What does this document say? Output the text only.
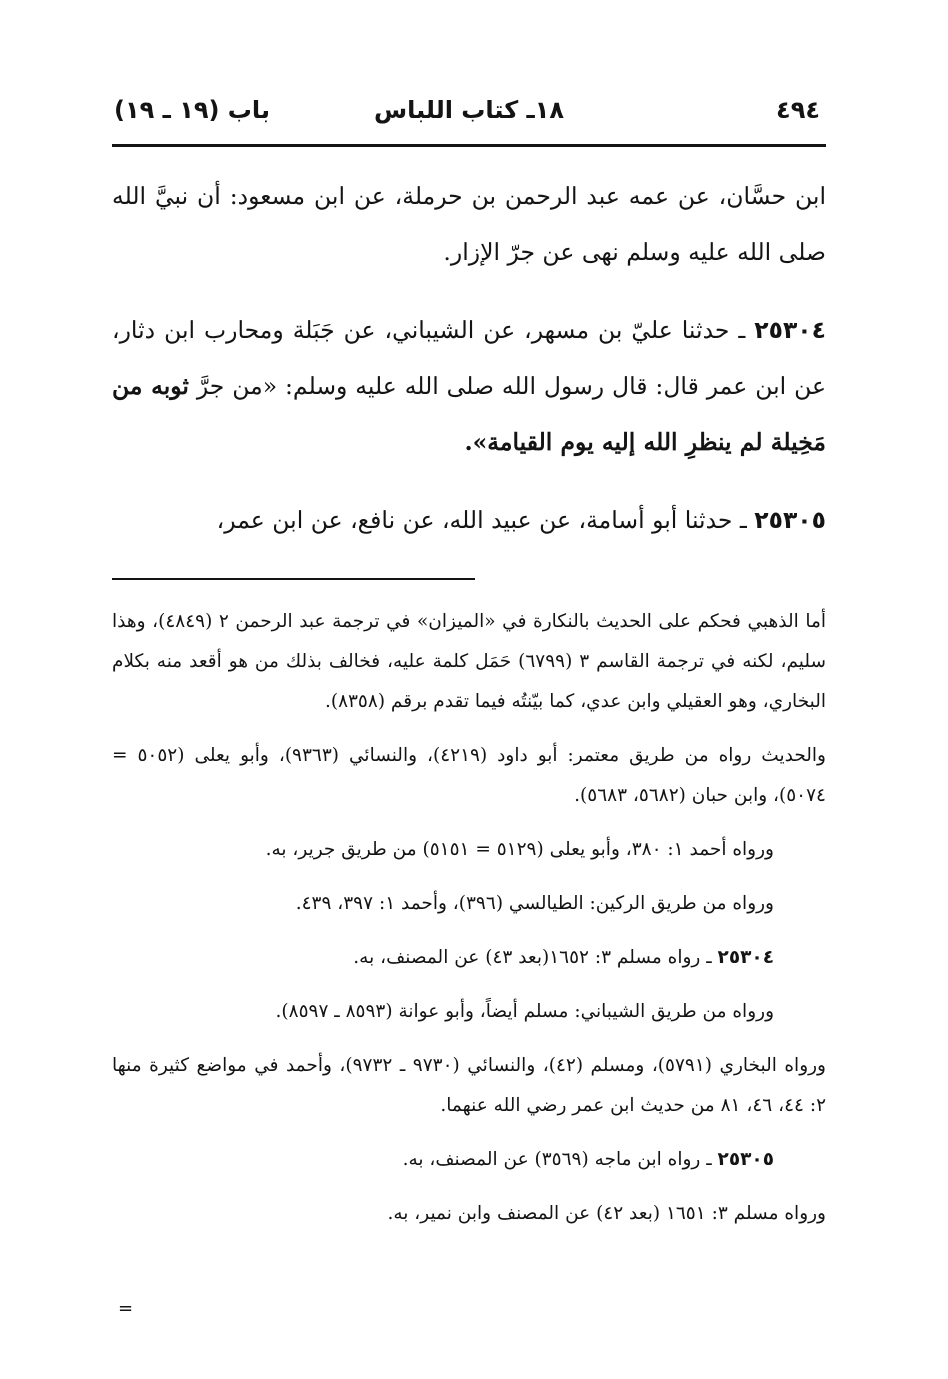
٤٩٤
١٨ـ كتاب اللباس
باب (١٩ ـ ١٩)

ابن حسَّان، عن عمه عبد الرحمن بن حرملة، عن ابن مسعود: أن نبيَّ الله صلى الله عليه وسلم نهى عن جرّ الإزار.

٢٥٣٠٤ ـ حدثنا عليّ بن مسهر، عن الشيباني، عن جَبَلة ومحارب ابن دثار، عن ابن عمر قال: قال رسول الله صلى الله عليه وسلم: «من جرَّ ثوبه من مَخِيلة لم ينظرِ الله إليه يوم القيامة».

٢٥٣٠٥ ـ حدثنا أبو أسامة، عن عبيد الله، عن نافع، عن ابن عمر،

أما الذهبي فحكم على الحديث بالنكارة في «الميزان» في ترجمة عبد الرحمن ٢ (٤٨٤٩)، وهذا سليم، لكنه في ترجمة القاسم ٣ (٦٧٩٩) حَمَل كلمة عليه، فخالف بذلك من هو أقعد منه بكلام البخاري، وهو العقيلي وابن عدي، كما بيّنتُه فيما تقدم برقم (٨٣٥٨).

والحديث رواه من طريق معتمر: أبو داود (٤٢١٩)، والنسائي (٩٣٦٣)، وأبو يعلى (٥٠٥٢ = ٥٠٧٤)، وابن حبان (٥٦٨٢، ٥٦٨٣).

ورواه أحمد ١: ٣٨٠، وأبو يعلى (٥١٢٩ = ٥١٥١) من طريق جرير، به.

ورواه من طريق الركين: الطيالسي (٣٩٦)، وأحمد ١: ٣٩٧، ٤٣٩.

٢٥٣٠٤ ـ رواه مسلم ٣: ١٦٥٢(بعد ٤٣) عن المصنف، به.

ورواه من طريق الشيباني: مسلم أيضاً، وأبو عوانة (٨٥٩٣ ـ ٨٥٩٧).

ورواه البخاري (٥٧٩١)، ومسلم (٤٢)، والنسائي (٩٧٣٠ ـ ٩٧٣٢)، وأحمد في مواضع كثيرة منها ٢: ٤٤، ٤٦، ٨١ من حديث ابن عمر رضي الله عنهما.

٢٥٣٠٥ ـ رواه ابن ماجه (٣٥٦٩) عن المصنف، به.

ورواه مسلم ٣: ١٦٥١ (بعد ٤٢) عن المصنف وابن نمير، به.

=
